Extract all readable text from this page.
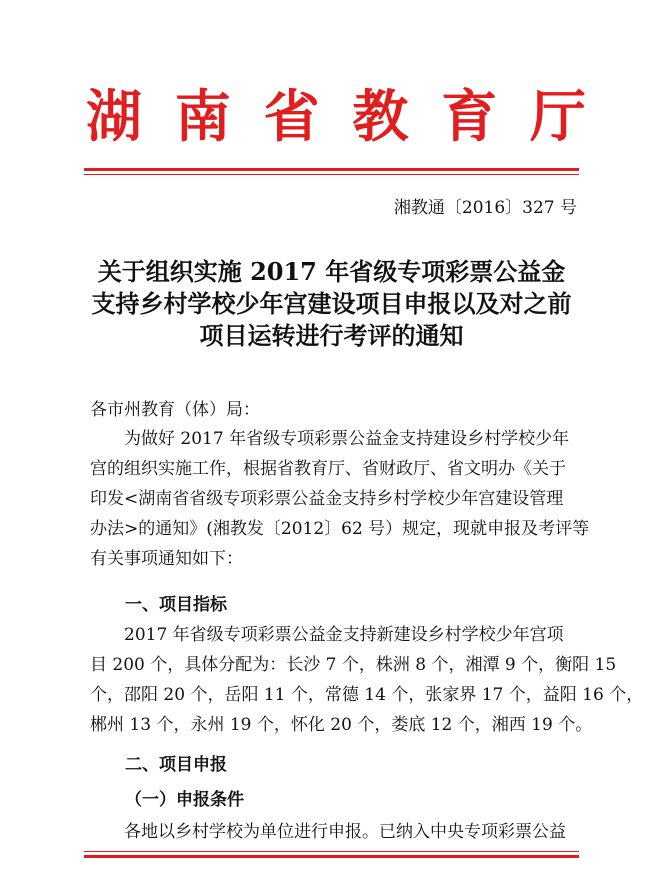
湖 南 省 教 育 厅
湘教通〔2016〕327 号
关于组织实施 2017 年省级专项彩票公益金
支持乡村学校少年宫建设项目申报以及对之前
项目运转进行考评的通知
各市州教育（体）局：
为做好 2017 年省级专项彩票公益金支持建设乡村学校少年
宫的组织实施工作，根据省教育厅、省财政厅、省文明办《关于
印发<湖南省省级专项彩票公益金支持乡村学校少年宫建设管理
办法>的通知》(湘教发〔2012〕62 号）规定，现就申报及考评等
有关事项通知如下：
一、项目指标
2017 年省级专项彩票公益金支持新建设乡村学校少年宫项
目 200 个，具体分配为：长沙 7 个，株洲 8 个，湘潭 9 个，衡阳 15
个，邵阳 20 个，岳阳 11 个，常德 14 个，张家界 17 个，益阳 16 个，
郴州 13 个，永州 19 个，怀化 20 个，娄底 12 个，湘西 19 个。
二、项目申报
（一）申报条件
各地以乡村学校为单位进行申报。已纳入中央专项彩票公益
